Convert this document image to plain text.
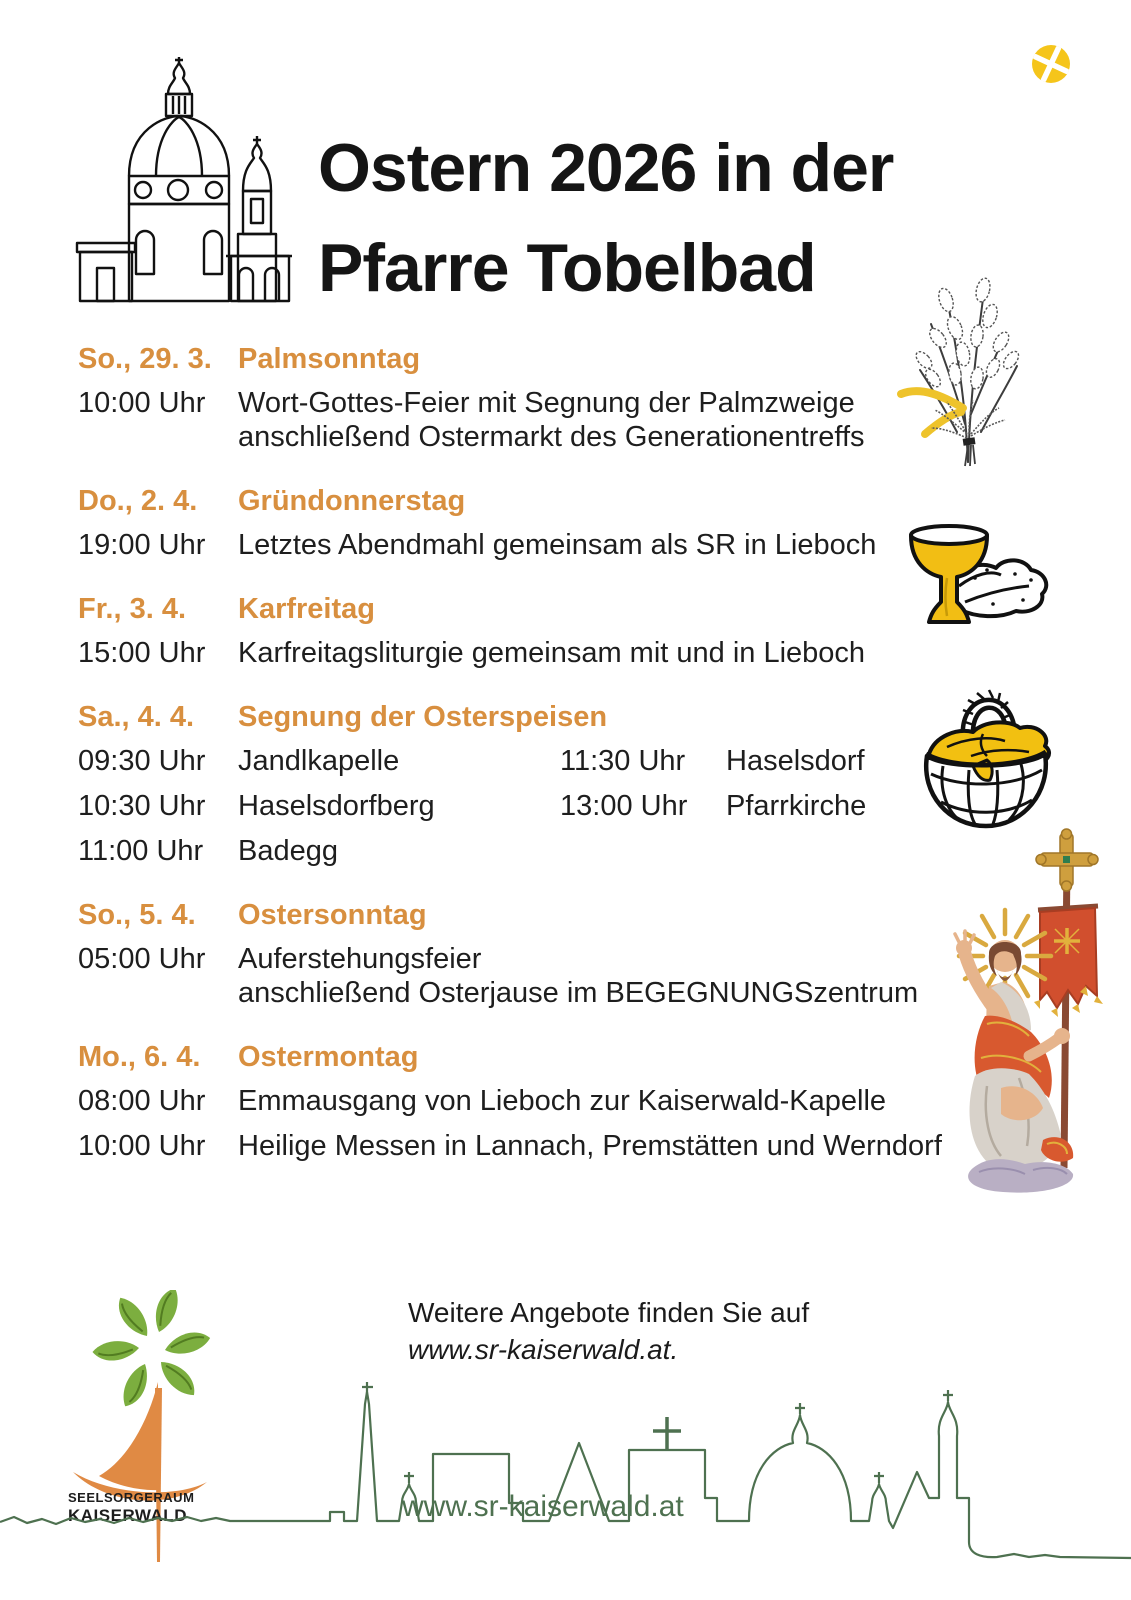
Ostern 2026 in der
Pfarre Tobelbad
So., 29. 3. Palmsonntag
10:00 Uhr	Wort-Gottes-Feier mit Segnung der Palmzweige
anschließend Ostermarkt des Generationentreffs
Do., 2. 4.	Gründonnerstag
19:00 Uhr	Letztes Abendmahl gemeinsam als SR in Lieboch
Fr., 3. 4.	Karfreitag
15:00 Uhr	Karfreitagsliturgie gemeinsam mit und in Lieboch
Sa., 4. 4.	Segnung der Osterspeisen
09:30 Uhr	Jandlkapelle	11:30 Uhr	Haselsdorf
10:30 Uhr	Haselsdorfberg	13:00 Uhr	Pfarrkirche
11:00 Uhr	Badegg
So., 5. 4.	Ostersonntag
05:00 Uhr	Auferstehungsfeier
anschließend Osterjause im BEGEGNUNGSzentrum
Mo., 6. 4.	Ostermontag
08:00 Uhr	Emmausgang von Lieboch zur Kaiserwald-Kapelle
10:00 Uhr	Heilige Messen in Lannach, Premstätten und Werndorf
Weitere Angebote finden Sie auf
www.sr-kaiserwald.at.
SEELSORGERAUM
KAISERWALD	www.sr-kaiserwald.at
